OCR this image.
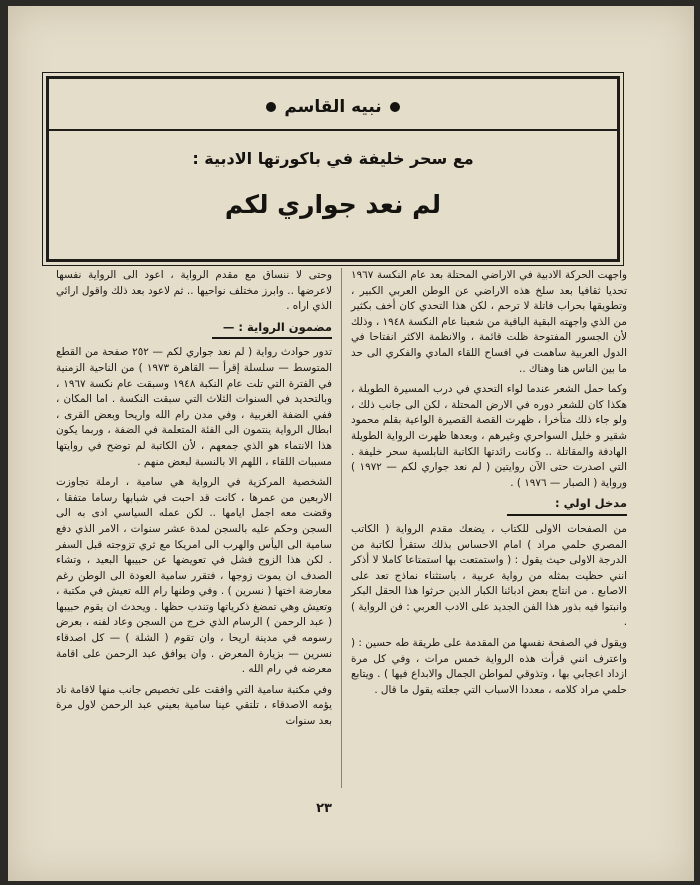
نبيه القاسم
مع سحر خليفة في باكورتها الادبية :
لم نعد جواري لكم

واجهت الحركة الادبية في الاراضي المحتلة بعد عام النكسة ١٩٦٧ تحديا ثقافيا بعد سلخ هذه الاراضي عن الوطن العربي الكبير ، وتطويقها بحراب فاتلة لا ترحم ، لكن هذا التحدي كان أخف بكثير من الذي واجهته البقية الباقية من شعبنا عام النكسة ١٩٤٨ ، وذلك لأن الجسور المفتوحة ظلت قائمة ، والانظمة الاكثر انفتاحا في الدول العربية ساهمت في افساح اللقاء المادي والفكري الى حد ما بين الناس هنا وهناك ..

وكما حمل الشعر عندما لواء التحدي في درب المسيرة الطويلة ، هكذا كان للشعر دوره في الارض المحتلة ، لكن الى جانب ذلك ، ولو جاء ذلك متأخرا ، ظهرت القصة القصيرة الواعية بقلم محمود شقير و خليل السواحري وغيرهم ، وبعدها ظهرت الرواية الطويلة الهادفة والمقاتلة .. وكانت رائدتها الكاتبة النابلسية سحر خليفة . التي اصدرت حتى الآن روايتين ( لم نعد جواري لكم — ١٩٧٢ ) ورواية ( الصبار — ١٩٧٦ ) .

مدخل اولي :

من الصفحات الاولى للكتاب ، يضعك مقدم الرواية ( الكاتب المصري حلمي مراد ) امام الاحساس بذلك ستقرأ لكاتبة من الدرجة الاولى حيث يقول : ( واستمتعت بها استمتاعا كاملا لا أذكر انني حظيت بمثله من رواية عربية ، باستثناء نماذج تعد على الاصابع . من انتاج بعض ادبائنا الكبار الذين حرثوا هذا الحقل البكر وانبتوا فيه بذور هذا الفن الجديد على الادب العربي : فن الرواية ) .

ويقول في الصفحة نفسها من المقدمة على طريقة طه حسين : ( واعترف انني قرأت هذه الرواية خمس مرات ، وفي كل مرة ازداد اعجابي بها ، وتذوقي لمواطن الجمال والابداع فيها ) . ويتابع حلمي مراد كلامه ، معددا الاسباب التي جعلته يقول ما قال .

وحتى لا ننساق مع مقدم الرواية ، اعود الى الرواية نفسها لاعرضها .. وابرز مختلف نواحيها .. ثم لاعود بعد ذلك واقول ارائي الذي اراه .

مضمون الرواية : —

تدور حوادث رواية ( لم نعد جواري لكم — ٢٥٢ صفحة من القطع المتوسط — سلسلة إقرأ — القاهرة ١٩٧٣ ) من الناحية الزمنية في الفترة التي تلت عام النكبة ١٩٤٨ وسبقت عام نكسة ١٩٦٧ ، وبالتحديد في السنوات الثلاث التي سبقت النكسة . اما المكان ، ففي الضفة الغربية ، وفي مدن رام الله واريحا وبعض القرى ، ابطال الرواية ينتمون الى الفئة المتعلمة في الضفة ، وربما يكون هذا الانتماء هو الذي جمعهم ، لأن الكاتبة لم توضح في روايتها مسببات اللقاء ، اللهم الا بالنسبة لبعض منهم .

الشخصية المركزية في الرواية هي سامية ، ارملة تجاوزت الاربعين من عمرها ، كانت قد احبت في شبابها رساما متفقا ، وقضت معه اجمل ايامها .. لكن عمله السياسي ادى به الى السجن وحكم عليه بالسجن لمدة عشر سنوات ، الامر الذي دفع سامية الى اليأس والهرب الى امريكا مع ثري تزوجته قبل السفر . لكن هذا الزوج فشل في تعويضها عن حبيبها البعيد ، وتشاء الصدف ان يموت زوجها ، فتقرر سامية العودة الى الوطن رغم معارضة اختها ( نسرين ) . وفي وطنها رام الله تعيش في مكتبة ، وتعيش وهي تمضغ ذكرياتها وتندب حظها . ويحدث ان يقوم حبيبها ( عبد الرحمن ) الرسام الذي خرج من السجن وعاد لفنه ، بعرض رسومه في مدينة اريحا ، وان تقوم ( الشلة ) — كل اصدقاء نسرين — بزيارة المعرض . وان يوافق عبد الرحمن على اقامة معرضه في رام الله .

وفي مكتبة سامية التي وافقت على تخصيص جانب منها لاقامة ناد يؤمه الاصدقاء ، تلتقي عينا سامية بعيني عبد الرحمن لاول مرة بعد سنوات

٢٣
